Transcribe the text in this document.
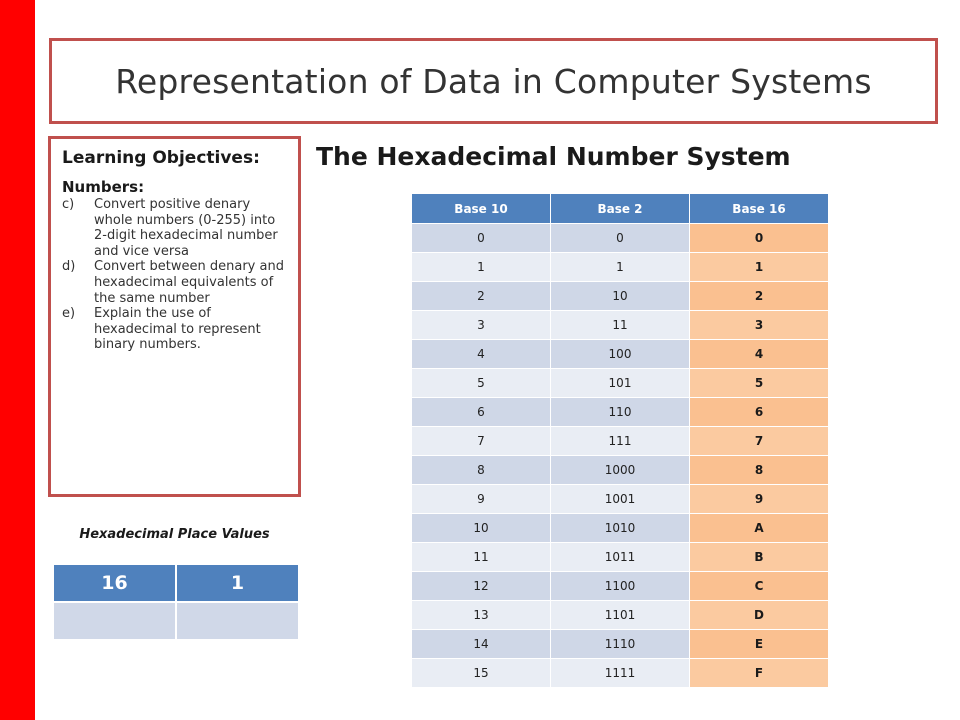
Representation of Data in Computer Systems

Learning Objectives:

Numbers:

c)	Convert positive denary whole numbers (0-255) into 2-digit hexadecimal number and vice versa
d)	Convert between denary and hexadecimal equivalents of the same number
e)	Explain the use of hexadecimal to represent binary numbers.
The Hexadecimal Number System
Base 10	Base 2	Base 16
0	0	0
1	1	1
2	10	2
3	11	3
4	100	4
5	101	5
6	110	6
7	111	7
8	1000	8
9	1001	9
10	1010	A
11	1011	B
12	1100	C
13	1101	D
14	1110	E
15	1111	F

Hexadecimal Place Values

16	1
